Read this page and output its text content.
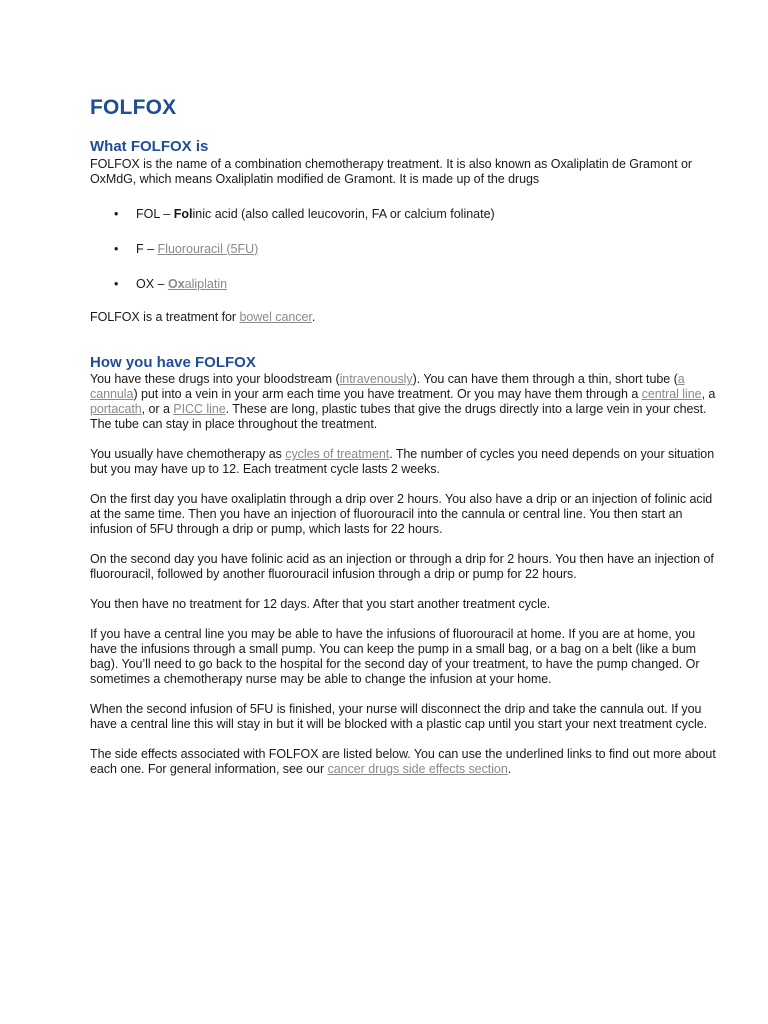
FOLFOX
What FOLFOX is

FOLFOX is the name of a combination chemotherapy treatment. It is also known as Oxaliplatin de Gramont or OxMdG, which means Oxaliplatin modified de Gramont. It is made up of the drugs

• FOL – Folinic acid (also called leucovorin, FA or calcium folinate)
• F – Fluorouracil (5FU)
• OX – Oxaliplatin

FOLFOX is a treatment for bowel cancer.

How you have FOLFOX

You have these drugs into your bloodstream (intravenously). You can have them through a thin, short tube (a cannula) put into a vein in your arm each time you have treatment. Or you may have them through a central line, a portacath, or a PICC line. These are long, plastic tubes that give the drugs directly into a large vein in your chest. The tube can stay in place throughout the treatment.

You usually have chemotherapy as cycles of treatment. The number of cycles you need depends on your situation but you may have up to 12. Each treatment cycle lasts 2 weeks.

On the first day you have oxaliplatin through a drip over 2 hours. You also have a drip or an injection of folinic acid at the same time. Then you have an injection of fluorouracil into the cannula or central line. You then start an infusion of 5FU through a drip or pump, which lasts for 22 hours.

On the second day you have folinic acid as an injection or through a drip for 2 hours. You then have an injection of fluorouracil, followed by another fluorouracil infusion through a drip or pump for 22 hours.

You then have no treatment for 12 days. After that you start another treatment cycle.

If you have a central line you may be able to have the infusions of fluorouracil at home. If you are at home, you have the infusions through a small pump. You can keep the pump in a small bag, or a bag on a belt (like a bum bag). You’ll need to go back to the hospital for the second day of your treatment, to have the pump changed. Or sometimes a chemotherapy nurse may be able to change the infusion at your home.

When the second infusion of 5FU is finished, your nurse will disconnect the drip and take the cannula out. If you have a central line this will stay in but it will be blocked with a plastic cap until you start your next treatment cycle.

The side effects associated with FOLFOX are listed below. You can use the underlined links to find out more about each one. For general information, see our cancer drugs side effects section.
